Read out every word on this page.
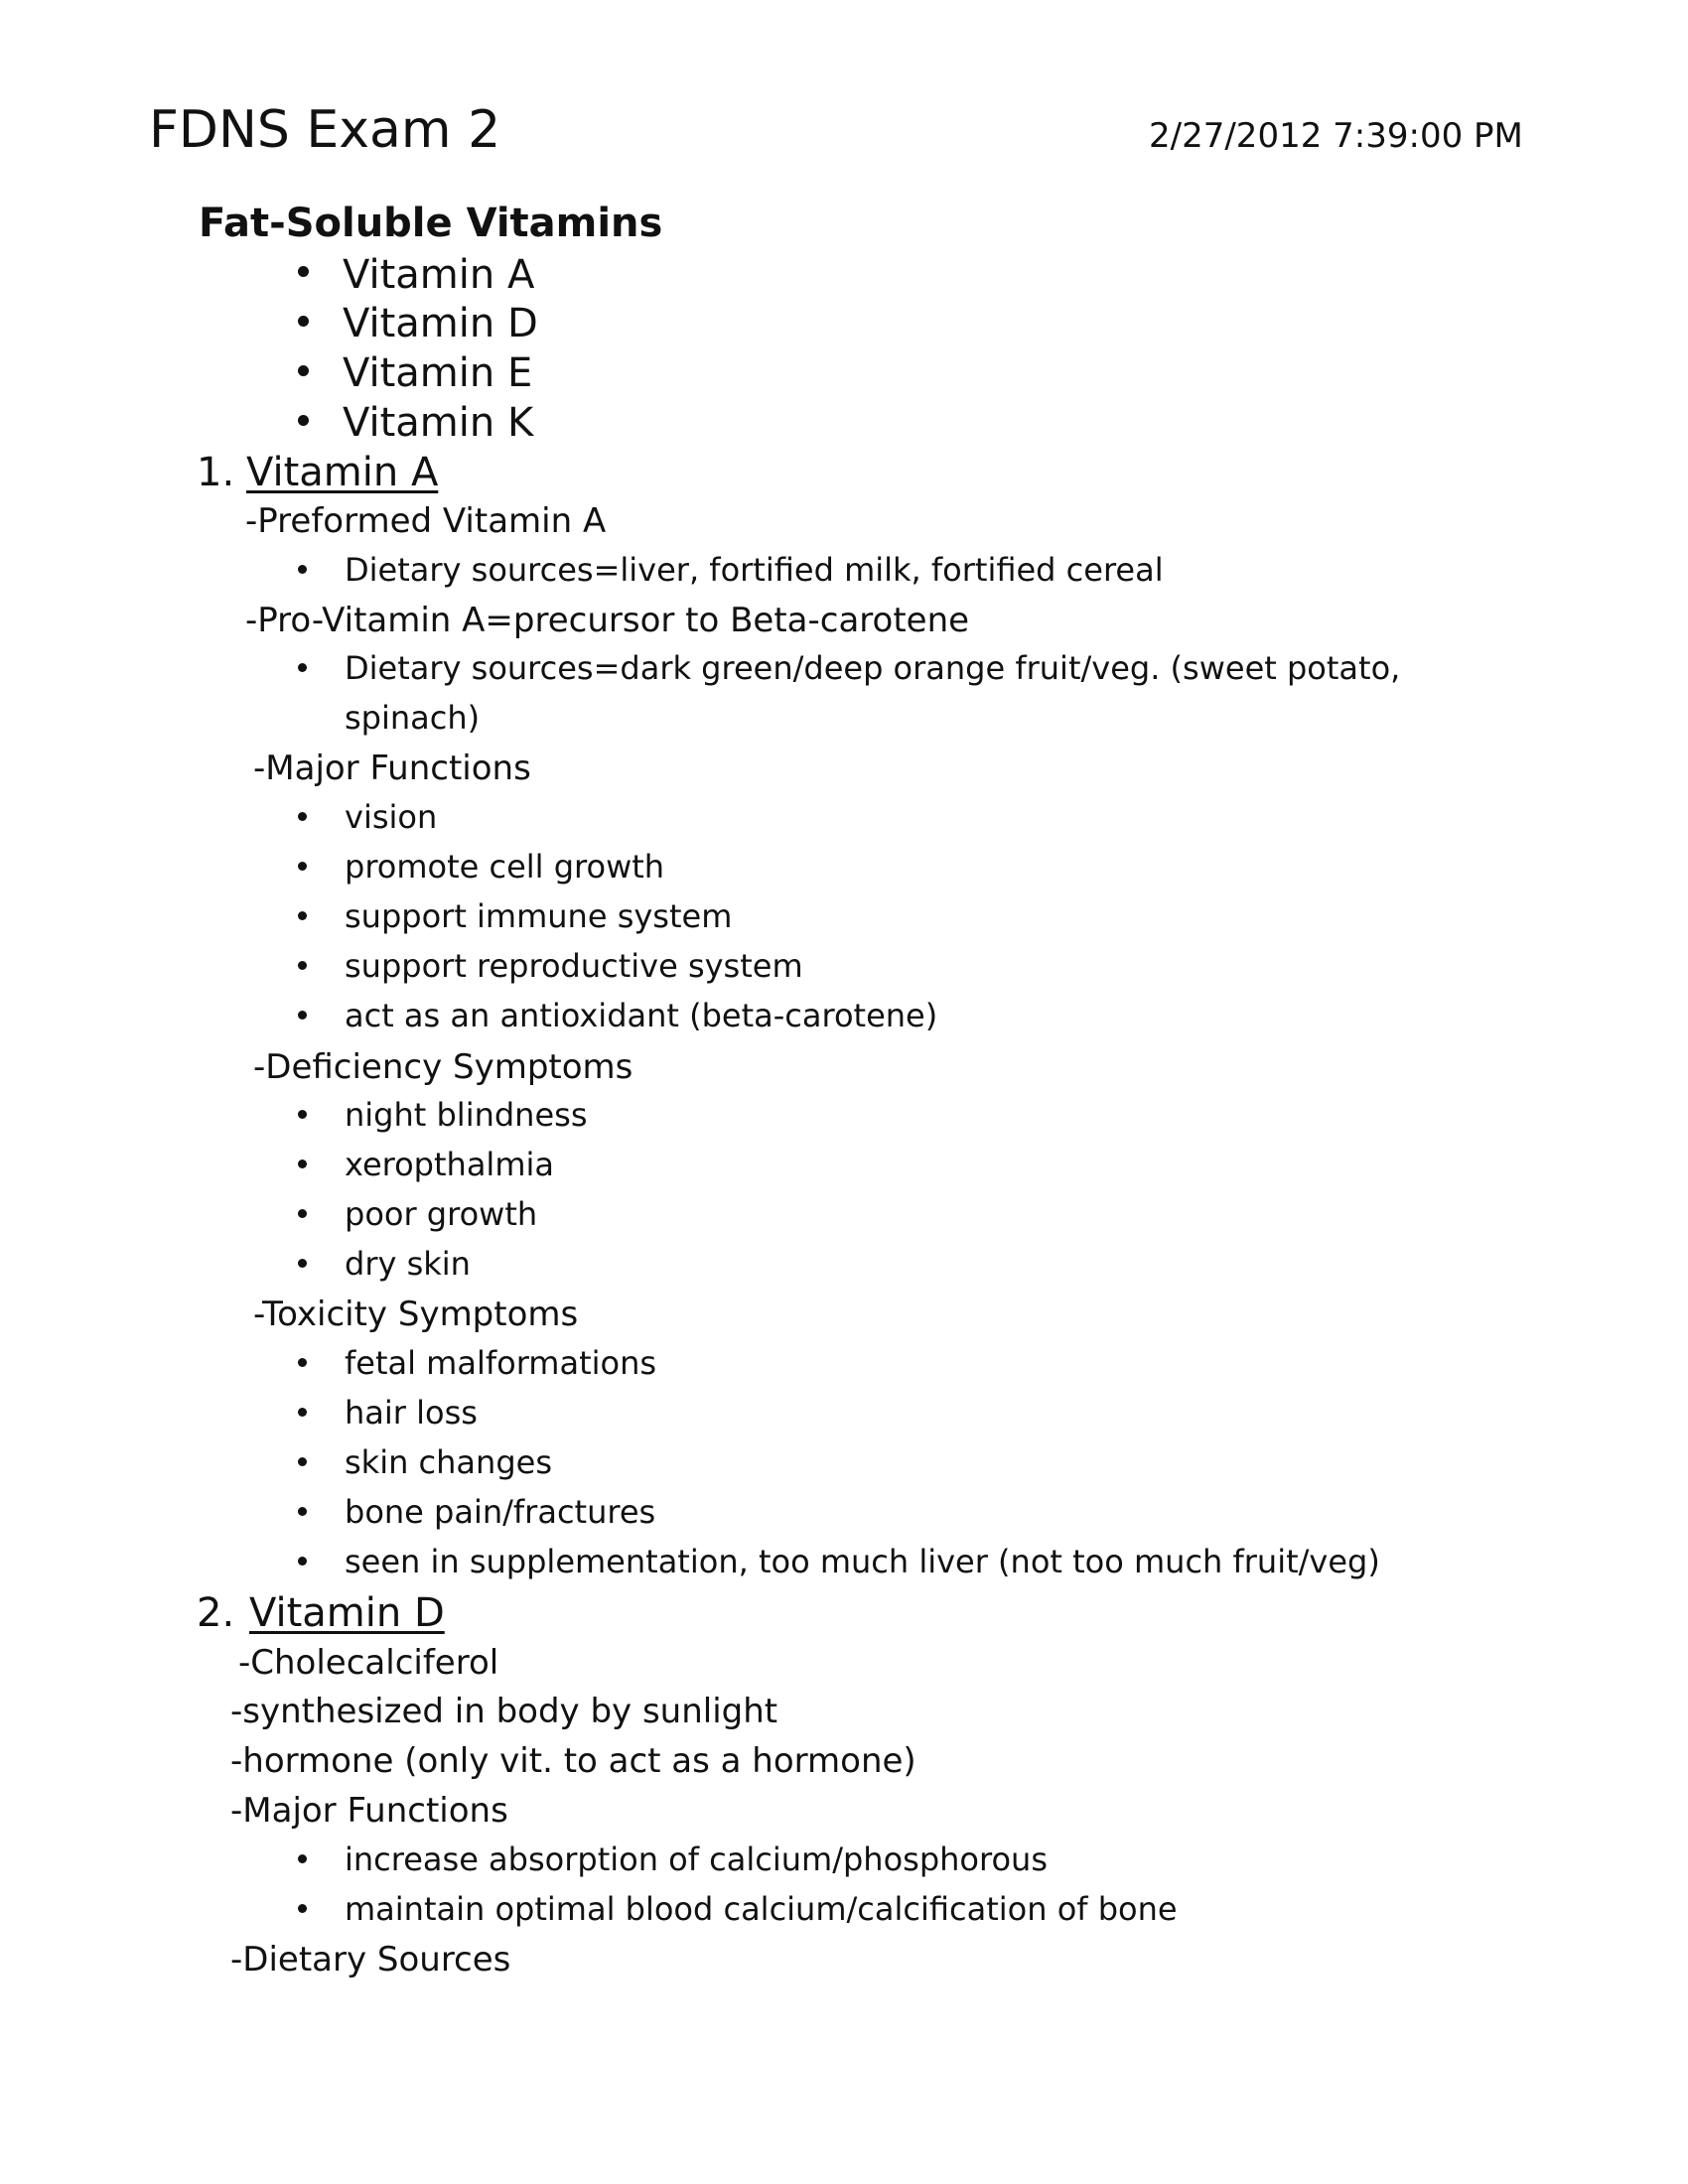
FDNS Exam 2	2/27/2012 7:39:00 PM
Fat-Soluble Vitamins
Vitamin A
Vitamin D
Vitamin E
Vitamin K
1. Vitamin A
-Preformed Vitamin A
Dietary sources=liver, fortified milk, fortified cereal
-Pro-Vitamin A=precursor to Beta-carotene
Dietary sources=dark green/deep orange fruit/veg. (sweet potato,
spinach)
-Major Functions
vision
promote cell growth
support immune system
support reproductive system
act as an antioxidant (beta-carotene)
-Deficiency Symptoms
night blindness
xeropthalmia
poor growth
dry skin
-Toxicity Symptoms
fetal malformations
hair loss
skin changes
bone pain/fractures
seen in supplementation, too much liver (not too much fruit/veg)
2. Vitamin D
-Cholecalciferol
-synthesized in body by sunlight
-hormone (only vit. to act as a hormone)
-Major Functions
increase absorption of calcium/phosphorous
maintain optimal blood calcium/calcification of bone
-Dietary Sources
